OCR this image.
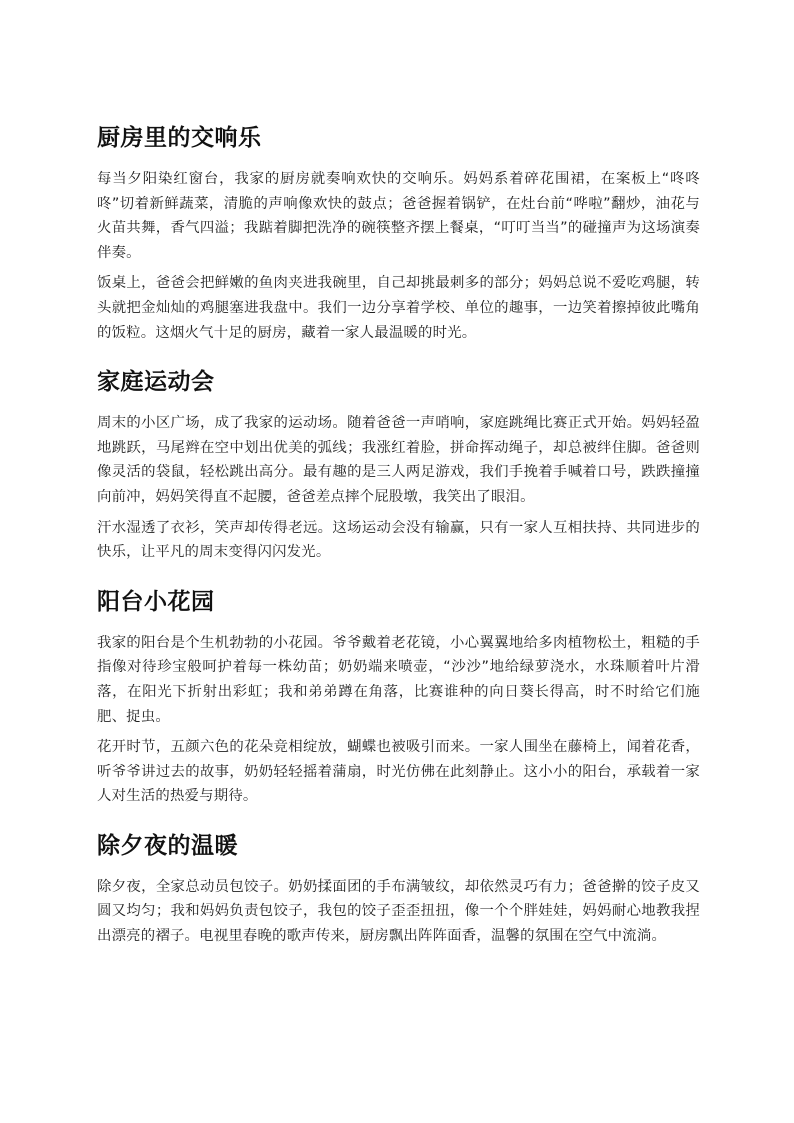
厨房里的交响乐

每当夕阳染红窗台，我家的厨房就奏响欢快的交响乐。妈妈系着碎花围裙，在案板上“咚咚咚”切着新鲜蔬菜，清脆的声响像欢快的鼓点；爸爸握着锅铲，在灶台前“哗啦”翻炒，油花与火苗共舞，香气四溢；我踮着脚把洗净的碗筷整齐摆上餐桌，“叮叮当当”的碰撞声为这场演奏伴奏。

饭桌上，爸爸会把鲜嫩的鱼肉夹进我碗里，自己却挑最刺多的部分；妈妈总说不爱吃鸡腿，转头就把金灿灿的鸡腿塞进我盘中。我们一边分享着学校、单位的趣事，一边笑着擦掉彼此嘴角的饭粒。这烟火气十足的厨房，藏着一家人最温暖的时光。

家庭运动会

周末的小区广场，成了我家的运动场。随着爸爸一声哨响，家庭跳绳比赛正式开始。妈妈轻盈地跳跃，马尾辫在空中划出优美的弧线；我涨红着脸，拼命挥动绳子，却总被绊住脚。爸爸则像灵活的袋鼠，轻松跳出高分。最有趣的是三人两足游戏，我们手挽着手喊着口号，跌跌撞撞向前冲，妈妈笑得直不起腰，爸爸差点摔个屁股墩，我笑出了眼泪。

汗水湿透了衣衫，笑声却传得老远。这场运动会没有输赢，只有一家人互相扶持、共同进步的快乐，让平凡的周末变得闪闪发光。

阳台小花园

我家的阳台是个生机勃勃的小花园。爷爷戴着老花镜，小心翼翼地给多肉植物松土，粗糙的手指像对待珍宝般呵护着每一株幼苗；奶奶端来喷壶，“沙沙”地给绿萝浇水，水珠顺着叶片滑落，在阳光下折射出彩虹；我和弟弟蹲在角落，比赛谁种的向日葵长得高，时不时给它们施肥、捉虫。

花开时节，五颜六色的花朵竞相绽放，蝴蝶也被吸引而来。一家人围坐在藤椅上，闻着花香，听爷爷讲过去的故事，奶奶轻轻摇着蒲扇，时光仿佛在此刻静止。这小小的阳台，承载着一家人对生活的热爱与期待。

除夕夜的温暖

除夕夜，全家总动员包饺子。奶奶揉面团的手布满皱纹，却依然灵巧有力；爸爸擀的饺子皮又圆又均匀；我和妈妈负责包饺子，我包的饺子歪歪扭扭，像一个个胖娃娃，妈妈耐心地教我捏出漂亮的褶子。电视里春晚的歌声传来，厨房飘出阵阵面香，温馨的氛围在空气中流淌。
